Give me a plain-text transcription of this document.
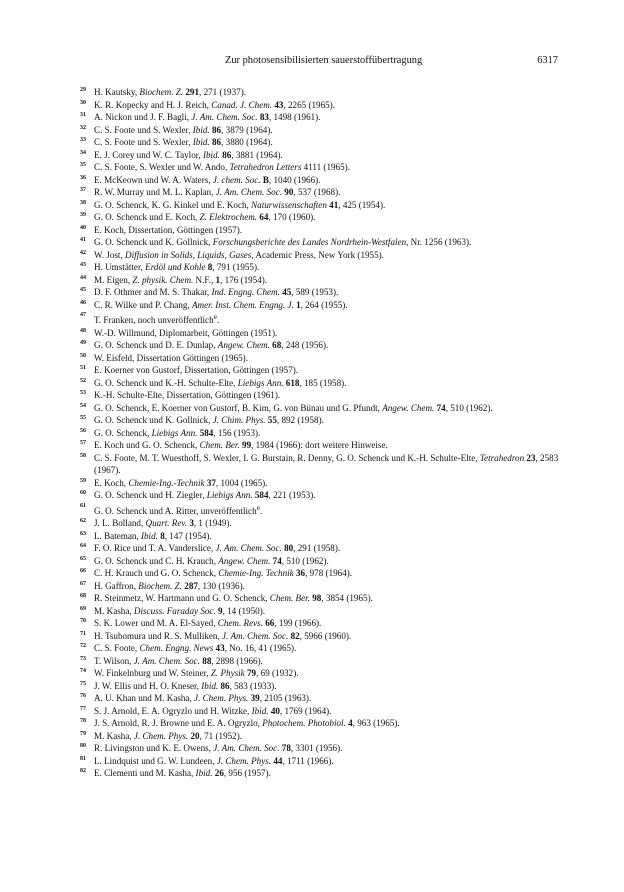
Zur photosensibilisierten sauerstoffübertragung	6317
29 H. Kautsky, Biochem. Z. 291, 271 (1937).
30 K. R. Kopecky and H. J. Reich, Canad. J. Chem. 43, 2265 (1965).
31 A. Nickon und J. F. Bagli, J. Am. Chem. Soc. 83, 1498 (1961).
32 C. S. Foote und S. Wexler, Ibid. 86, 3879 (1964).
33 C. S. Foote und S. Wexler, Ibid. 86, 3880 (1964).
34 E. J. Corey und W. C. Taylor, Ibid. 86, 3881 (1964).
35 C. S. Foote, S. Wexler und W. Ando, Tetrahedron Letters 4111 (1965).
36 E. McKeown und W. A. Waters, J. chem. Soc. B, 1040 (1966).
37 R. W. Murray und M. L. Kaplan, J. Am. Chem. Soc. 90, 537 (1968).
38 G. O. Schenck, K. G. Kinkel und E. Koch, Naturwissenschaften 41, 425 (1954).
39 G. O. Schenck und E. Koch, Z. Elektrochem. 64, 170 (1960).
40 E. Koch, Dissertation, Göttingen (1957).
41 G. O. Schenck und K. Gollnick, Forschungsberichte des Landes Nordrhein-Westfalen, Nr. 1256 (1963).
42 W. Jost, Diffusion in Solids, Liquids, Gases, Academic Press, New York (1955).
43 H. Umstätter, Erdöl und Kohle 8, 791 (1955).
44 M. Eigen, Z. physik. Chem. N.F., 1, 176 (1954).
45 D. F. Othmer and M. S. Thakar, Ind. Engng. Chem. 45, 589 (1953).
46 C. R. Wilke und P. Chang, Amer. Inst. Chem. Engng. J. 1, 264 (1955).
47
T. Franken, noch unveröffentlich$^e$.
48 W.-D. Willmund, Diplomarbeit, Göttingen (1951).
49 G. O. Schenck und D. E. Dunlap, Angew. Chem. 68, 248 (1956).
50 W. Eisfeld, Dissertation Göttingen (1965).
51 E. Koerner von Gustorf, Dissertation, Göttingen (1957).
52 G. O. Schenck und K.-H. Schulte-Elte, Liebigs Ann. 618, 185 (1958).
53 K.-H. Schulte-Elte, Dissertation, Göttingen (1961).
54 G. O. Schenck, E. Koerner von Gustorf, B. Kim, G. von Bünau und G. Pfundt, Angew. Chem. 74, 510 (1962).
55 G. O. Schenck und K. Gollnick, J. Chim. Phys. 55, 892 (1958).
56 G. O. Schenck, Liebigs Ann. 584, 156 (1953).
57 E. Koch und G. O. Schenck, Chem. Ber. 99, 1984 (1966): dort weitere Hinweise.
58 C. S. Foote, M. T. Wuesthoff, S. Wexler, I. G. Burstain, R. Denny, G. O. Schenck und K.-H. Schulte-Elte, Tetrahedron 23, 2583 (1967).
59 E. Koch, Chemie-Ing.-Technik 37, 1004 (1965).
60 G. O. Schenck und H. Ziegler, Liebigs Ann. 584, 221 (1953).
61
G. O. Schenck und A. Ritter, unveröffentlich$^e$.
62 J. L. Bolland, Quart. Rev. 3, 1 (1949).
63 L. Bateman, Ibid. 8, 147 (1954).
64 F. O. Rice und T. A. Vanderslice, J. Am. Chem. Soc. 80, 291 (1958).
65 G. O. Schenck und C. H. Krauch, Angew. Chem. 74, 510 (1962).
66 C. H. Krauch und G. O. Schenck, Chemie-Ing. Technik 36, 978 (1964).
67 H. Gaffron, Biochem. Z. 287, 130 (1936).
68 R. Steinmetz, W. Hartmann und G. O. Schenck, Chem. Ber. 98, 3854 (1965).
69 M. Kasha, Discuss. Faraday Soc. 9, 14 (1950).
70 S. K. Lower und M. A. El-Sayed, Chem. Revs. 66, 199 (1966).
71 H. Tsubomura und R. S. Mulliken, J. Am. Chem. Soc. 82, 5966 (1960).
72 C. S. Foote, Chem. Engng. News 43, No. 16, 41 (1965).
73 T. Wilson, J. Am. Chem. Soc. 88, 2898 (1966).
74 W. Finkelnburg und W. Steiner, Z. Physik 79, 69 (1932).
75 J. W. Ellis und H. O. Kneser, Ibid. 86, 583 (1933).
76 A. U. Khan und M. Kasha, J. Chem. Phys. 39, 2105 (1963).
77 S. J. Arnold, E. A. Ogryzlo und H. Witzke, Ibid. 40, 1769 (1964).
78 J. S. Arnold, R. J. Browne und E. A. Ogryzlo, Photochem. Photobiol. 4, 963 (1965).
79 M. Kasha, J. Chem. Phys. 20, 71 (1952).
80 R. Livingston und K. E. Owens, J. Am. Chem. Soc. 78, 3301 (1956).
81 L. Lindquist und G. W. Lundeen, J. Chem. Phys. 44, 1711 (1966).
82 E. Clementi und M. Kasha, Ibid. 26, 956 (1957).
